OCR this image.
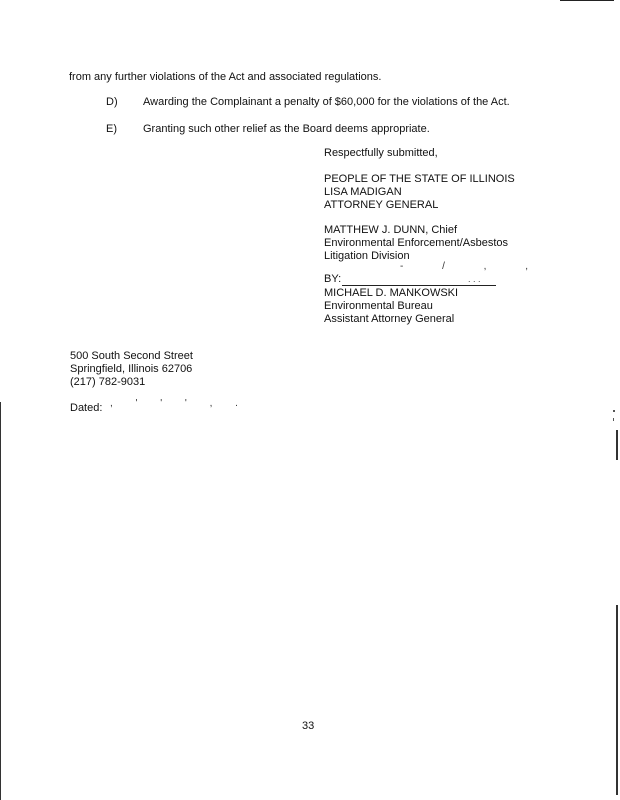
from any further violations of the Act and associated regulations.
D) Awarding the Complainant a penalty of $60,000 for the violations of the Act.
E) Granting such other relief as the Board deems appropriate.
Respectfully submitted,
PEOPLE OF THE STATE OF ILLINOIS
LISA MADIGAN
ATTORNEY GENERAL
MATTHEW J. DUNN, Chief
Environmental Enforcement/Asbestos
Litigation Division
- / , ,
BY:	. . .
MICHAEL D. MANKOWSKI
Environmental Bureau
Assistant Attorney General
500 South Second Street
Springfield, Illinois 62706
(217) 782-9031
Dated: , ' ' ' , .
33
